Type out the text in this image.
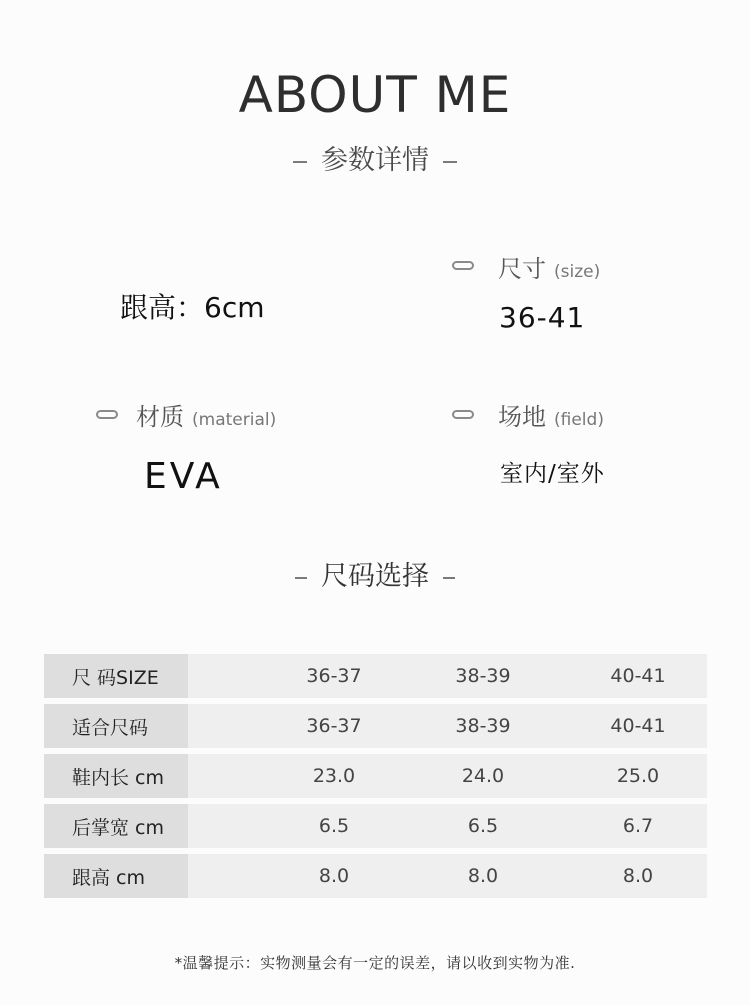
ABOUT ME
参数详情
跟高：6cm
尺寸 (size)
36-41
材质 (material)
EVA
场地 (field)
室内/室外
尺码选择
尺 码SIZE	36-37	38-39	40-41
适合尺码	36-37	38-39	40-41
鞋内长 cm	23.0	24.0	25.0
后掌宽 cm	6.5	6.5	6.7
跟高 cm	8.0	8.0	8.0
*温馨提示：实物测量会有一定的误差，请以收到实物为准.
